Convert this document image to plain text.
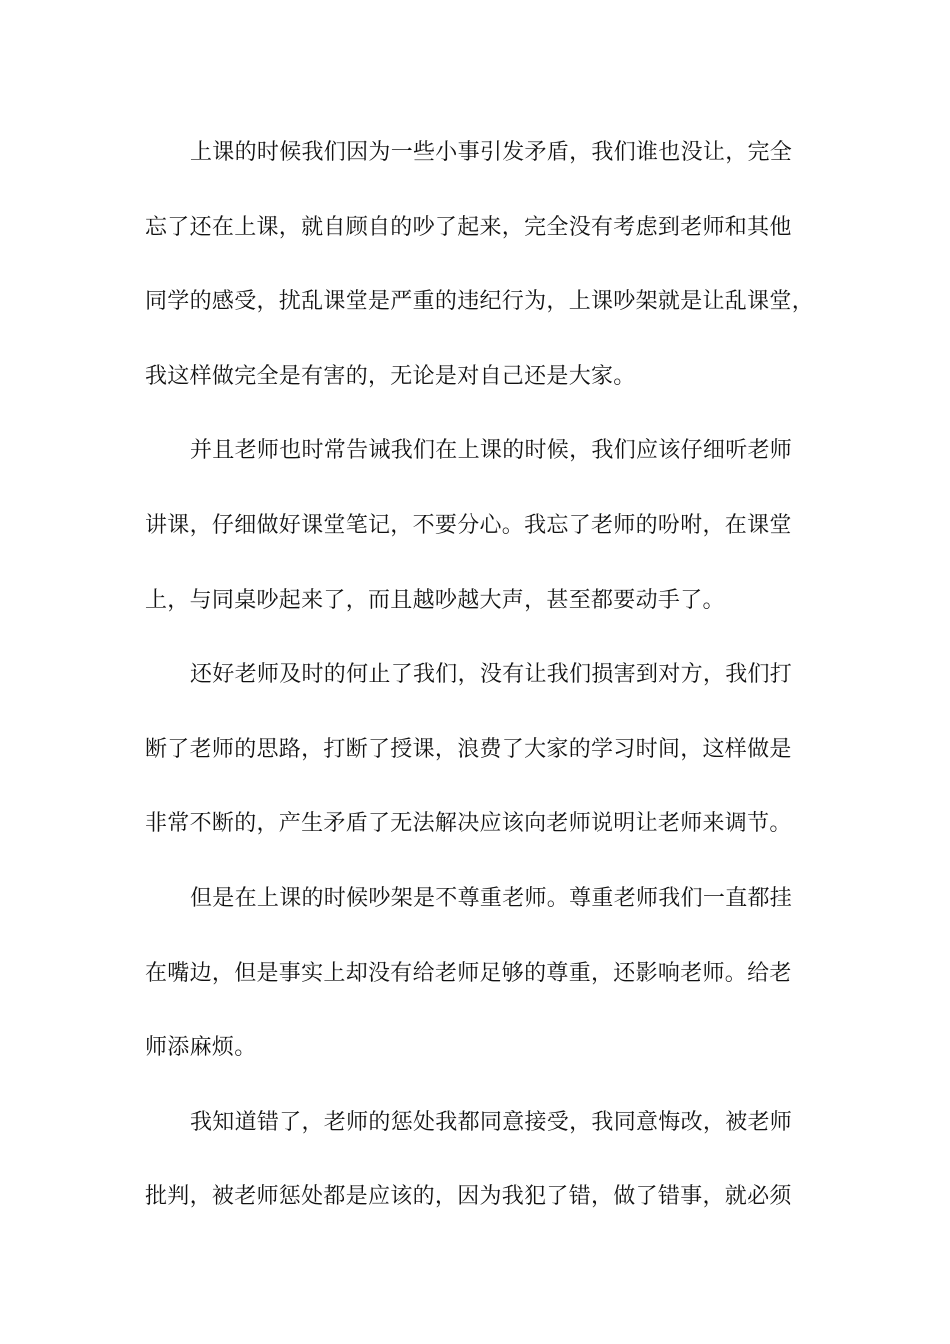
上课的时候我们因为一些小事引发矛盾，我们谁也没让，完全
忘了还在上课，就自顾自的吵了起来，完全没有考虑到老师和其他
同学的感受，扰乱课堂是严重的违纪行为，上课吵架就是让乱课堂，
我这样做完全是有害的，无论是对自己还是大家。
并且老师也时常告诫我们在上课的时候，我们应该仔细听老师
讲课，仔细做好课堂笔记，不要分心。我忘了老师的吩咐，在课堂
上，与同桌吵起来了，而且越吵越大声，甚至都要动手了。
还好老师及时的何止了我们，没有让我们损害到对方，我们打
断了老师的思路，打断了授课，浪费了大家的学习时间，这样做是
非常不断的，产生矛盾了无法解决应该向老师说明让老师来调节。
但是在上课的时候吵架是不尊重老师。尊重老师我们一直都挂
在嘴边，但是事实上却没有给老师足够的尊重，还影响老师。给老
师添麻烦。
我知道错了，老师的惩处我都同意接受，我同意悔改，被老师
批判，被老师惩处都是应该的，因为我犯了错，做了错事，就必须
